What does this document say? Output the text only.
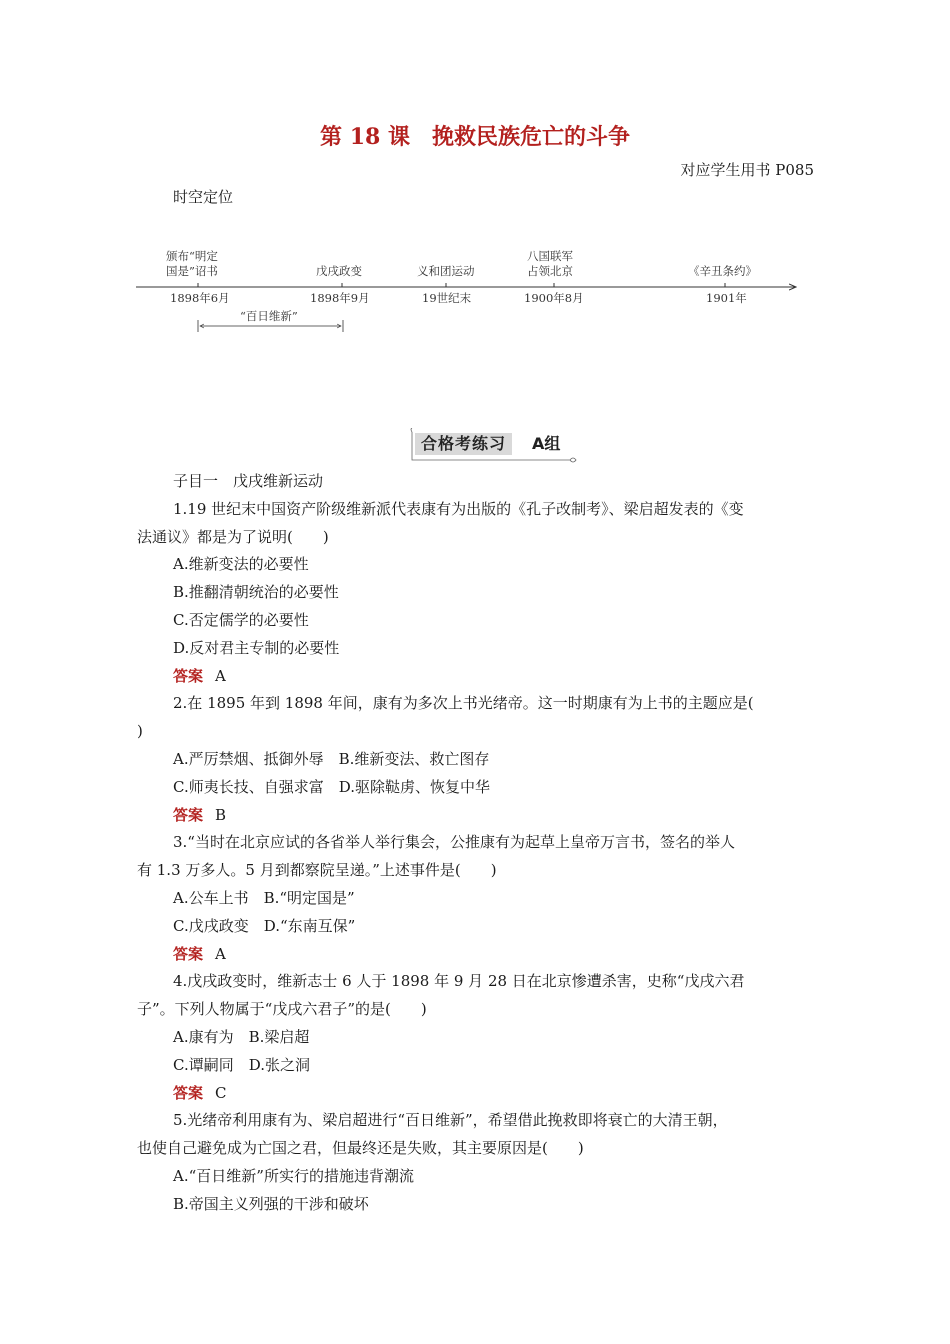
第 18 课　挽救民族危亡的斗争
对应学生用书 P085
时空定位
颁布“明定
国是”诏书
1898年6月
戊戌政变
1898年9月
义和团运动
19世纪末
八国联军
占领北京
1900年8月
《辛丑条约》
1901年
“百日维新”
合格考练习	A组
子目一　戊戌维新运动
1.19 世纪末中国资产阶级维新派代表康有为出版的《孔子改制考》、梁启超发表的《变
法通议》都是为了说明(　　)
A.维新变法的必要性
B.推翻清朝统治的必要性
C.否定儒学的必要性
D.反对君主专制的必要性
答案 A
2.在 1895 年到 1898 年间，康有为多次上书光绪帝。这一时期康有为上书的主题应是(
)
A.严厉禁烟、抵御外辱　B.维新变法、救亡图存
C.师夷长技、自强求富　D.驱除鞑虏、恢复中华
答案 B
3.“当时在北京应试的各省举人举行集会，公推康有为起草上皇帝万言书，签名的举人
有 1.3 万多人。5 月到都察院呈递。”上述事件是(　　)
A.公车上书　B.“明定国是”
C.戊戌政变　D.“东南互保”
答案 A
4.戊戌政变时，维新志士 6 人于 1898 年 9 月 28 日在北京惨遭杀害，史称“戊戌六君
子”。下列人物属于“戊戌六君子”的是(　　)
A.康有为　B.梁启超
C.谭嗣同　D.张之洞
答案 C
5.光绪帝利用康有为、梁启超进行“百日维新”，希望借此挽救即将衰亡的大清王朝，
也使自己避免成为亡国之君，但最终还是失败，其主要原因是(　　)
A.“百日维新”所实行的措施违背潮流
B.帝国主义列强的干涉和破坏
